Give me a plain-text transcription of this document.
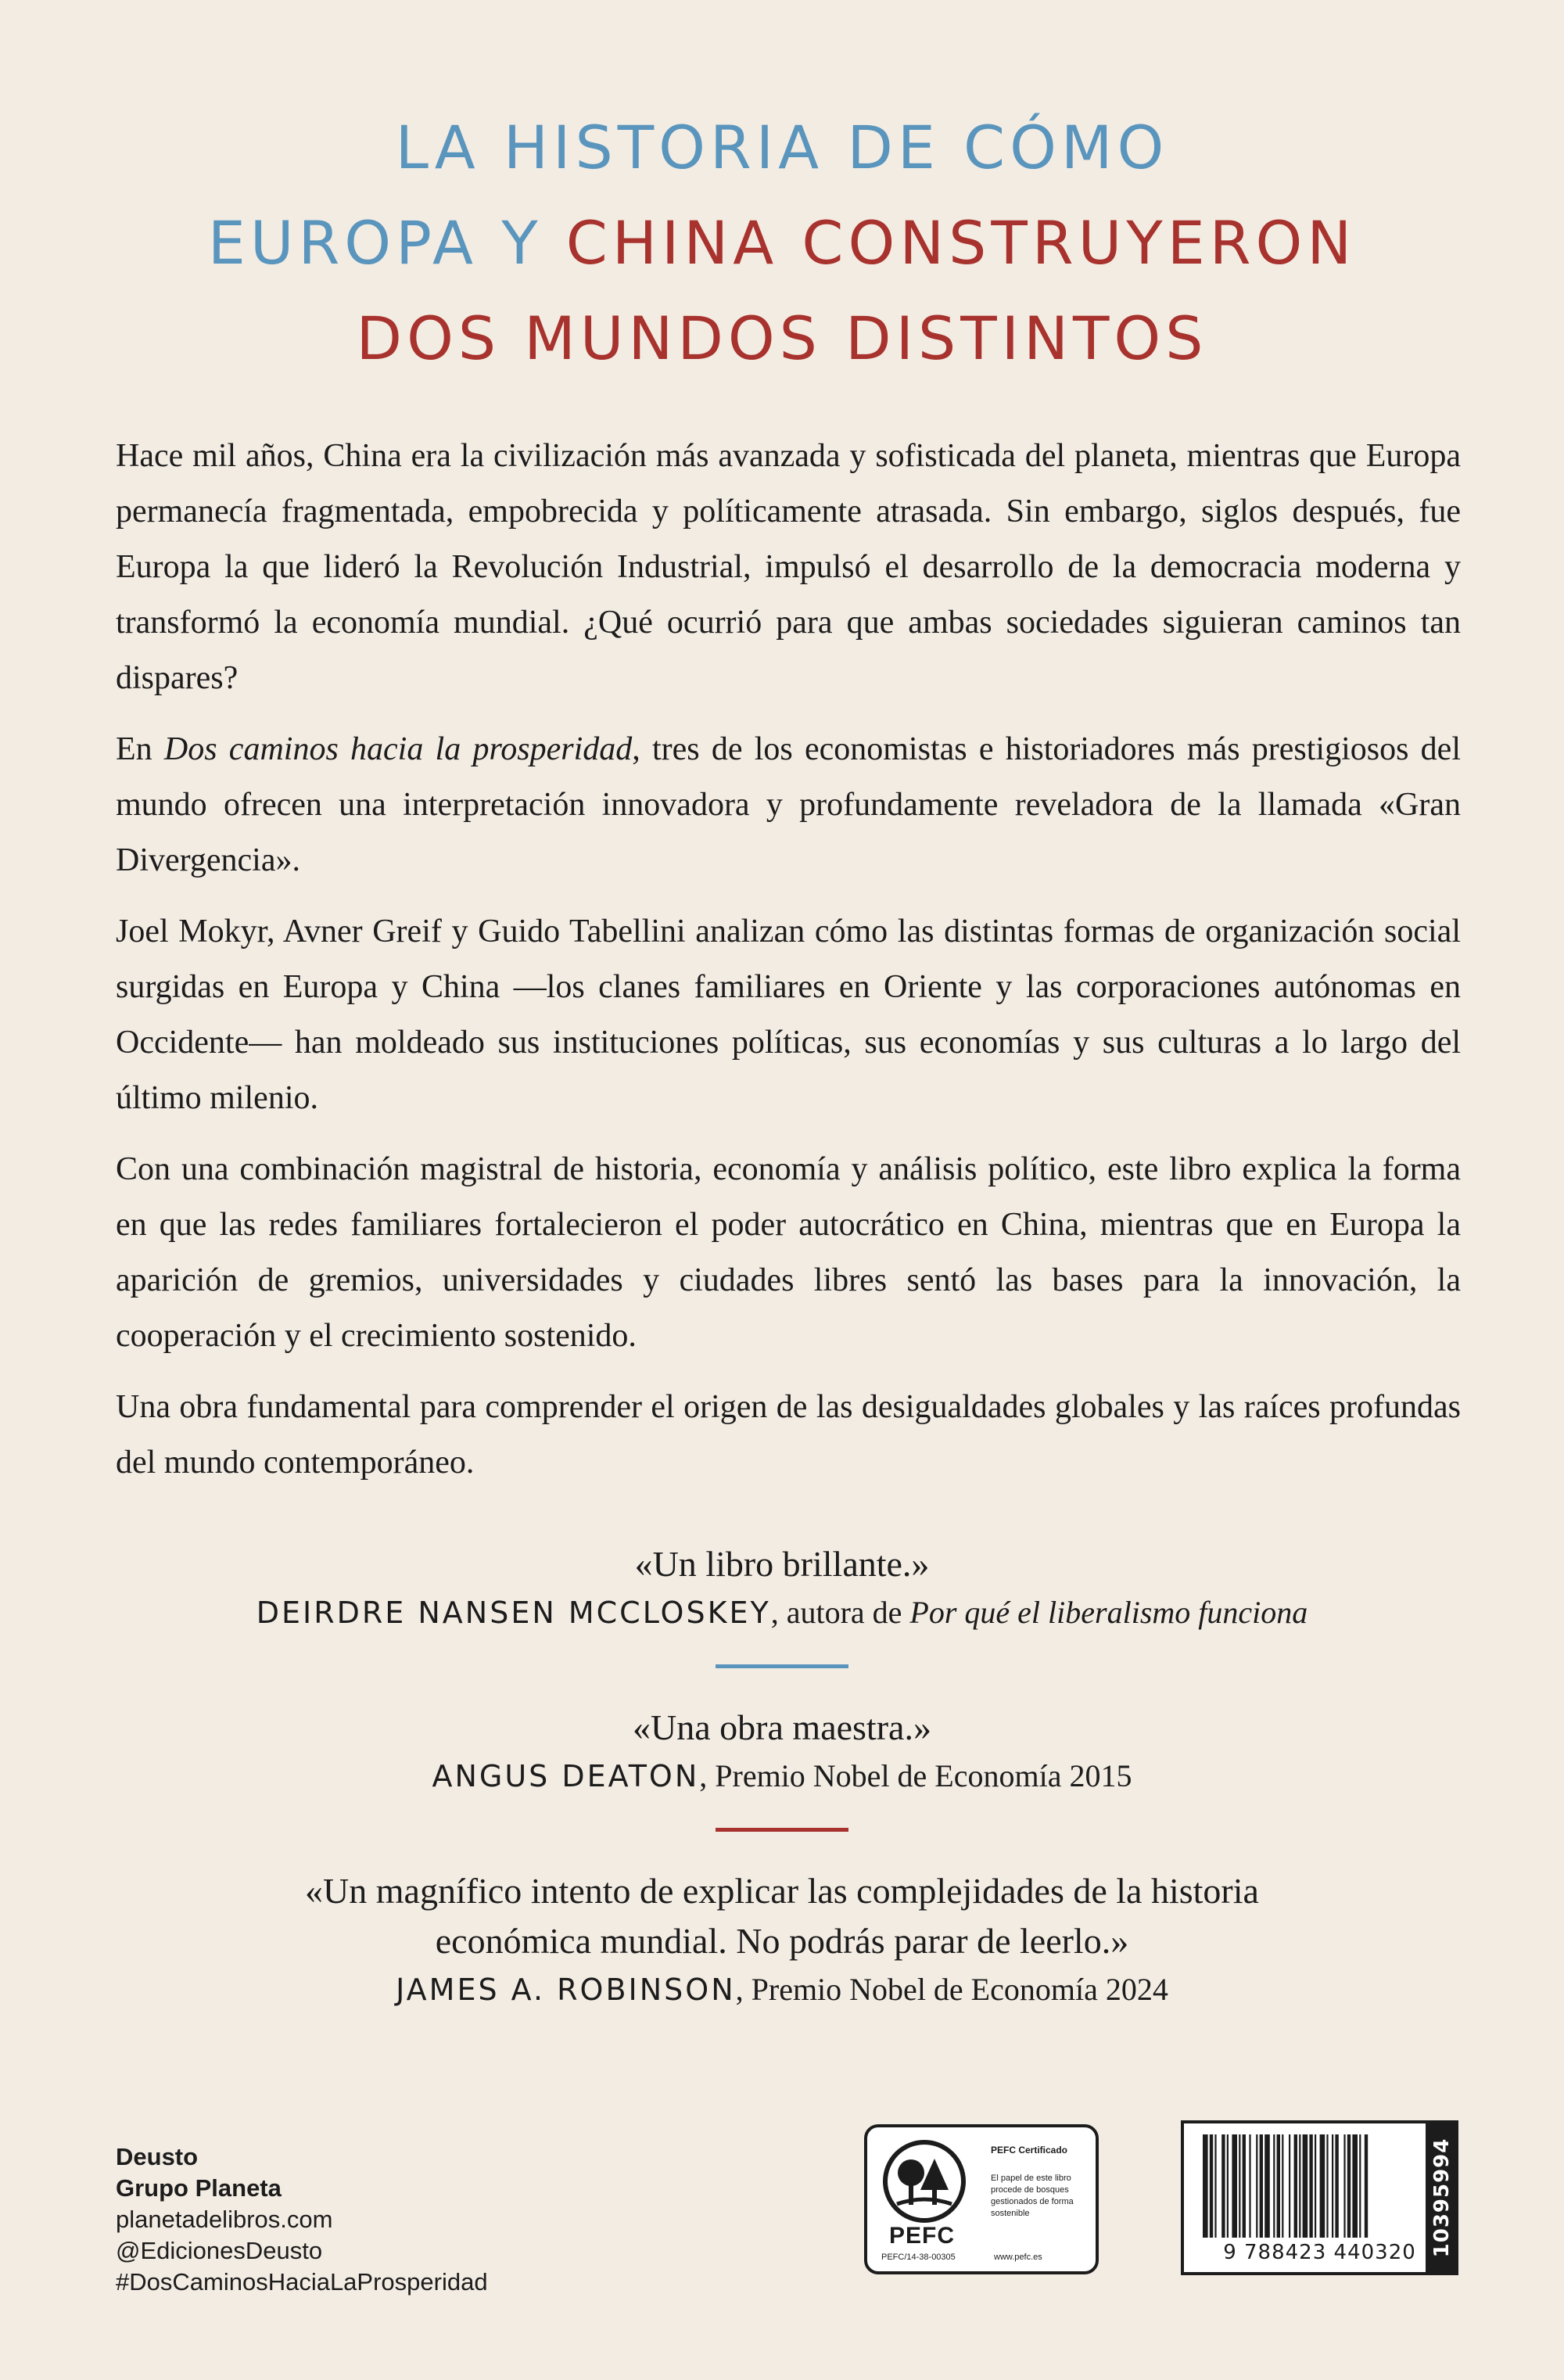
LA HISTORIA DE CÓMO
EUROPA Y CHINA CONSTRUYERON
DOS MUNDOS DISTINTOS

Hace mil años, China era la civilización más avanzada y sofisticada del planeta, mientras que Europa permanecía fragmentada, empobrecida y políticamente atrasada. Sin embargo, siglos después, fue Europa la que lideró la Revolución Industrial, impulsó el desarrollo de la democracia moderna y transformó la economía mundial. ¿Qué ocurrió para que ambas sociedades siguieran caminos tan dispares?

En Dos caminos hacia la prosperidad, tres de los economistas e historiadores más prestigiosos del mundo ofrecen una interpretación innovadora y profundamente reveladora de la llamada «Gran Divergencia».

Joel Mokyr, Avner Greif y Guido Tabellini analizan cómo las distintas formas de organización social surgidas en Europa y China —los clanes familiares en Oriente y las corporaciones autónomas en Occidente— han moldeado sus instituciones políticas, sus economías y sus culturas a lo largo del último milenio.

Con una combinación magistral de historia, economía y análisis político, este libro explica la forma en que las redes familiares fortalecieron el poder autocrático en China, mientras que en Europa la aparición de gremios, universidades y ciudades libres sentó las bases para la innovación, la cooperación y el crecimiento sostenido.

Una obra fundamental para comprender el origen de las desigualdades globales y las raíces profundas del mundo contemporáneo.

«Un libro brillante.»

DEIRDRE NANSEN MCCLOSKEY, autora de Por qué el liberalismo funciona

«Una obra maestra.»

ANGUS DEATON, Premio Nobel de Economía 2015

«Un magnífico intento de explicar las complejidades de la historia

económica mundial. No podrás parar de leerlo.»

JAMES A. ROBINSON, Premio Nobel de Economía 2024

Deusto
Grupo Planeta
planetadelibros.com
@EdicionesDeusto
#DosCaminosHaciaLaProsperidad
PEFC
PEFC/14-38-00305
PEFC Certificado
El papel de este libro procede de bosques gestionados de forma sostenible
www.pefc.es	9 788423 440320 10395994
